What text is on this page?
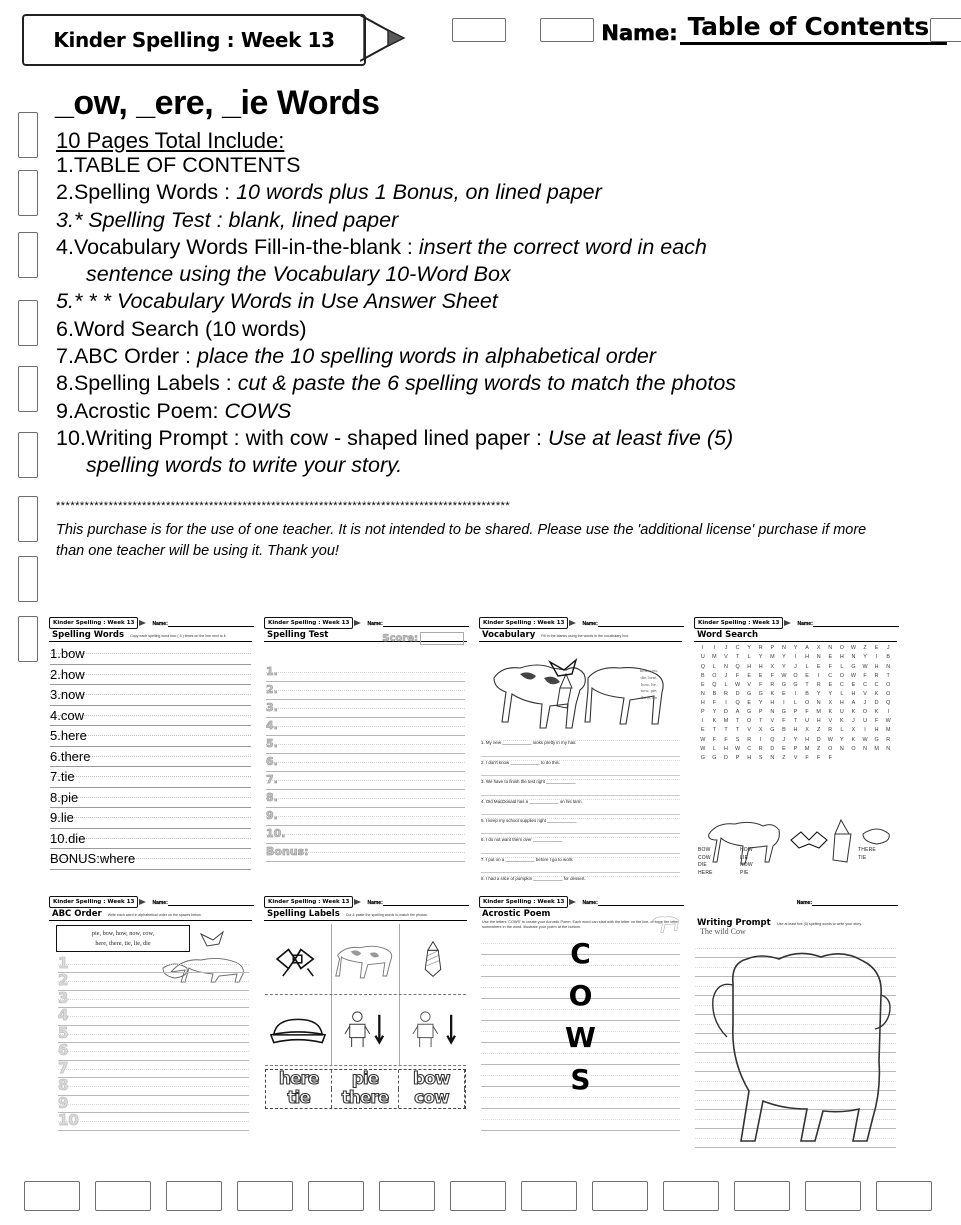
Kinder Spelling : Week 13	Name: Table of Contents
_ow, _ere, _ie Words
10 Pages Total Include:
1.TABLE OF CONTENTS
2.Spelling Words : 10 words plus 1 Bonus, on lined paper
3.* Spelling Test : blank, lined paper
4.Vocabulary Words Fill-in-the-blank : insert the correct word in each
sentence using the Vocabulary 10-Word Box
5.* * * Vocabulary Words in Use Answer Sheet
6.Word Search (10 words)
7.ABC Order : place the 10 spelling words in alphabetical order
8.Spelling Labels : cut & paste the 6 spelling words to match the photos
9.Acrostic Poem: COWS
10.Writing Prompt : with cow - shaped lined paper : Use at least five (5)
spelling words to write your story.
***********************************************************************************************
This purchase is for the use of one teacher. It is not intended to be shared. Please use the 'additional license' purchase if more than one teacher will be using it. Thank you!
Kinder Spelling : Week 13	Name:
Spelling Words Copy each spelling word four ( 4 ) times on the line next to it.
1.bow
2.how
3.now
4.cow
5.here
6.there
7.tie
8.pie
9.lie
10.die
BONUS:where
Kinder Spelling : Week 13	Name:
Spelling Test	Score:
1.
2.
3.
4.
5.
6.
7.
8.
9.
10.
Bonus:
Kinder Spelling : Week 13	Name:
Vocabulary Fill in the blanks using the words in the vocabulary box.
bow, cow,
die, here,
how, lie,
now, pie,
there, tie
1. My new ____________ looks pretty in my hair.
2. I don't know ____________ to do this.
3. We have to finish the test right ____________
4. Old MacDonald has a ____________ on his farm.
5. I keep my school supplies right ____________
6. I do not want them over ____________
7. I put on a ____________ before I go to work.
8. I had a slice of pumpkin ____________ for dessert.
Kinder Spelling : Week 13	Name:
Word Search
I	I	J	C	Y	R	P	N	Y	A	X	N	O	W	Z	E	J
U	M	V	T	L	Y	M	Y	I	H	N	E	H	N	Y	I	B
Q	L	N	Q	H	H	X	Y	J	L	E	F	L	G	W	H	N
B	O	J	F	E	E	F	W	O	E	I	C	O	W	F	R	T
E	Q	L	W	V	F	R	G	G	T	R	E	C	E	C	C	O
N	B	R	D	G	G	K	E	I	B	Y	Y	L	H	V	K	O
H	F	I	Q	E	Y	H	I	L	O	N	X	H	A	J	D	Q
P	Y	D	A	G	P	N	G	P	F	M	K	U	K	O	K	I
I	K	M	T	O	T	V	F	T	U	H	V	K	J	U	F	W
E	T	T	T	V	X	G	B	H	X	Z	R	L	X	I	H	M
W	F	F	S	R	I	Q	J	Y	H	D	W	Y	K	W	G	R
W	L	H	W	C	R	D	E	P	M	Z	O	N	O	N	M	N
G	G	D	P	H	S	N	Z	V	F	F	F
BOW
COW
DIE
HERE
HOW
LIE
NOW
PIE
THERE
TIE
Kinder Spelling : Week 13	Name:
ABC Order Write each word in alphabetical order on the spaces below.
pie, bow, how, now, cow,
here, there, tie, lie, die
1
2
3
4
5
6
7
8
9
10
Kinder Spelling : Week 13	Name:
Spelling Labels Cut & paste the spelling words to match the photos.
here	pie	bow
tie	there	cow
Kinder Spelling : Week 13	Name:
Acrostic Poem
Use the letters 'COWS' to create your Acrostic Poem. Each word can start with the letter on the line, or have the letter somewhere in the word. Illustrate your poem at the bottom.
C
O
W
S
Name:
Writing Prompt Use at least five (5) spelling words to write your story.
The wild Cow
